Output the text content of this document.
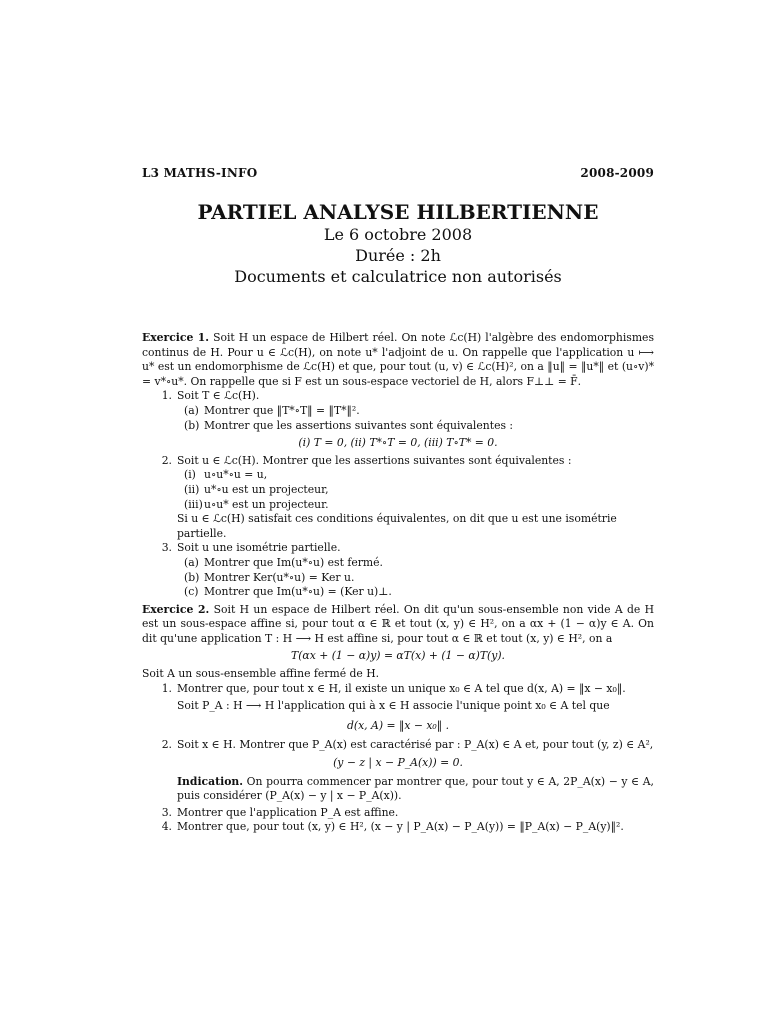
L3 MATHS-INFO	2008-2009
PARTIEL ANALYSE HILBERTIENNE
Le 6 octobre 2008
Durée : 2h
Documents et calculatrice non autorisés

Exercice 1. Soit H un espace de Hilbert réel. On note ℒc(H) l'algèbre des endomorphismes continus de H. Pour u ∈ ℒc(H), on note u* l'adjoint de u. On rappelle que l'application u ⟼ u* est un endomorphisme de ℒc(H) et que, pour tout (u, v) ∈ ℒc(H)², on a ‖u‖ = ‖u*‖ et (u∘v)* = v*∘u*. On rappelle que si F est un sous-espace vectoriel de H, alors F⊥⊥ = F̄.

1. Soit T ∈ ℒc(H).
(a) Montrer que ‖T*∘T‖ = ‖T*‖².
(b) Montrer que les assertions suivantes sont équivalentes :

(i) T = 0, (ii) T*∘T = 0, (iii) T∘T* = 0.

2. Soit u ∈ ℒc(H). Montrer que les assertions suivantes sont équivalentes :
(i) u∘u*∘u = u,
(ii) u*∘u est un projecteur,
(iii) u∘u* est un projecteur.

Si u ∈ ℒc(H) satisfait ces conditions équivalentes, on dit que u est une isométrie partielle.

3. Soit u une isométrie partielle.
(a) Montrer que Im(u*∘u) est fermé.
(b) Montrer Ker(u*∘u) = Ker u.
(c) Montrer que Im(u*∘u) = (Ker u)⊥.

Exercice 2. Soit H un espace de Hilbert réel. On dit qu'un sous-ensemble non vide A de H est un sous-espace affine si, pour tout α ∈ ℝ et tout (x, y) ∈ H², on a αx + (1 − α)y ∈ A. On dit qu'une application T : H ⟶ H est affine si, pour tout α ∈ ℝ et tout (x, y) ∈ H², on a

T(αx + (1 − α)y) = αT(x) + (1 − α)T(y).

Soit A un sous-ensemble affine fermé de H.

1. Montrer que, pour tout x ∈ H, il existe un unique x₀ ∈ A tel que d(x, A) = ‖x − x₀‖.

Soit P_A : H ⟶ H l'application qui à x ∈ H associe l'unique point x₀ ∈ A tel que

d(x, A) = ‖x − x₀‖ .

2. Soit x ∈ H. Montrer que P_A(x) est caractérisé par : P_A(x) ∈ A et, pour tout (y, z) ∈ A²,

(y − z | x − P_A(x)) = 0.

Indication. On pourra commencer par montrer que, pour tout y ∈ A, 2P_A(x) − y ∈ A, puis considérer (P_A(x) − y | x − P_A(x)).

3. Montrer que l'application P_A est affine.
4. Montrer que, pour tout (x, y) ∈ H², (x − y | P_A(x) − P_A(y)) = ‖P_A(x) − P_A(y)‖².
